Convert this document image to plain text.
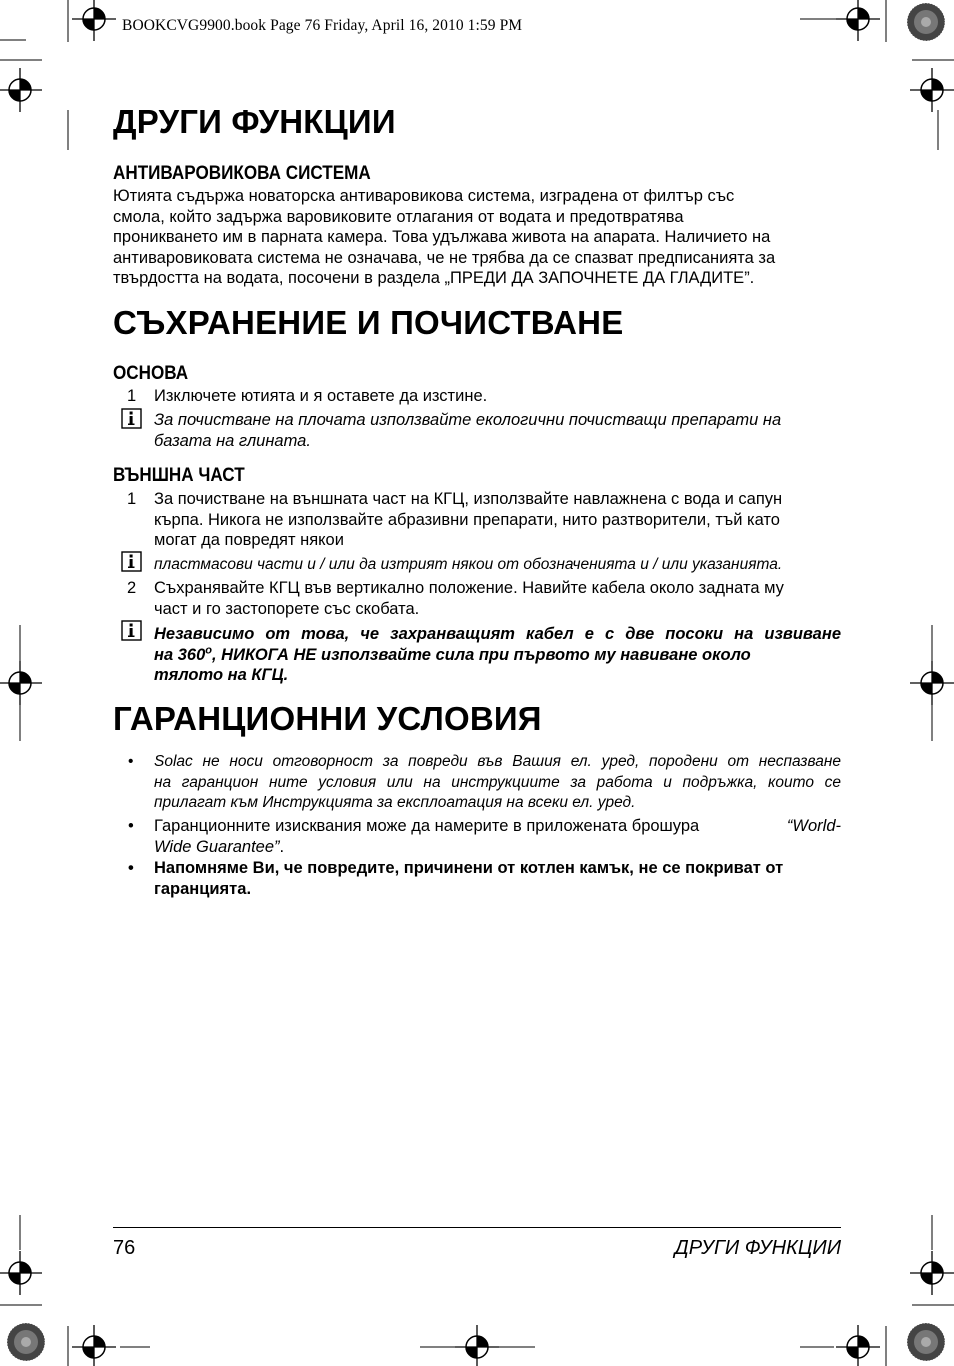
BOOKCVG9900.book Page 76 Friday, April 16, 2010 1:59 PM
ДРУГИ ФУНКЦИИ
АНТИВАРОВИКОВА СИСТЕМА
Ютията съдържа новаторска антиваровикова система, изградена от филтър със
смола, който задържа варовиковите отлагания от водата и предотвратява
проникването им в парната камера. Това удължава живота на апарата. Наличието на
антиваровиковата система не означава, че не трябва да се спазват предписанията за
твърдостта на водата, посочени в раздела „ПРЕДИ ДА ЗАПОЧНЕТЕ ДА ГЛАДИТЕ”.
СЪХРАНЕНИЕ И ПОЧИСТВАНЕ
ОСНОВА
1 Изключете ютията и я оставете да изстине.
За почистване на плочата използвайте екологични почистващи препарати на
базата на глината.
ВЪНШНА ЧАСТ
1 За почистване на външната част на КГЦ, използвайте навлажнена с вода и сапун
кърпа. Никога не използвайте абразивни препарати, нито разтворители, тъй като
могат да повредят някои
пластмасови части и / или да изтрият някои от обозначенията и / или указанията.
2 Съхранявайте КГЦ във вертикално положение. Навийте кабела около задната му
част и го застопорете със скобата.
Независимо от това, че захранващият кабел е с две посоки на извиване
на 360$^o$, НИКОГА НЕ използвайте сила при първото му навиване около
тялото на КГЦ.
ГАРАНЦИОННИ УСЛОВИЯ
• Solac не носи отговорност за повреди във Вашия ел. уред, породени от неспазване
на гаранцион ните условия или на инструкциите за работа и подръжка, които се
прилагат към Инструкцията за експлоатация на всеки ел. уред.
• Гаранционните изисквания може да намерите в приложената брошура	“World-
Wide Guarantee”.
• Напомняме Ви, че повредите, причинени от котлен камък, не се покриват от
гаранцията.
76	ДРУГИ ФУНКЦИИ
